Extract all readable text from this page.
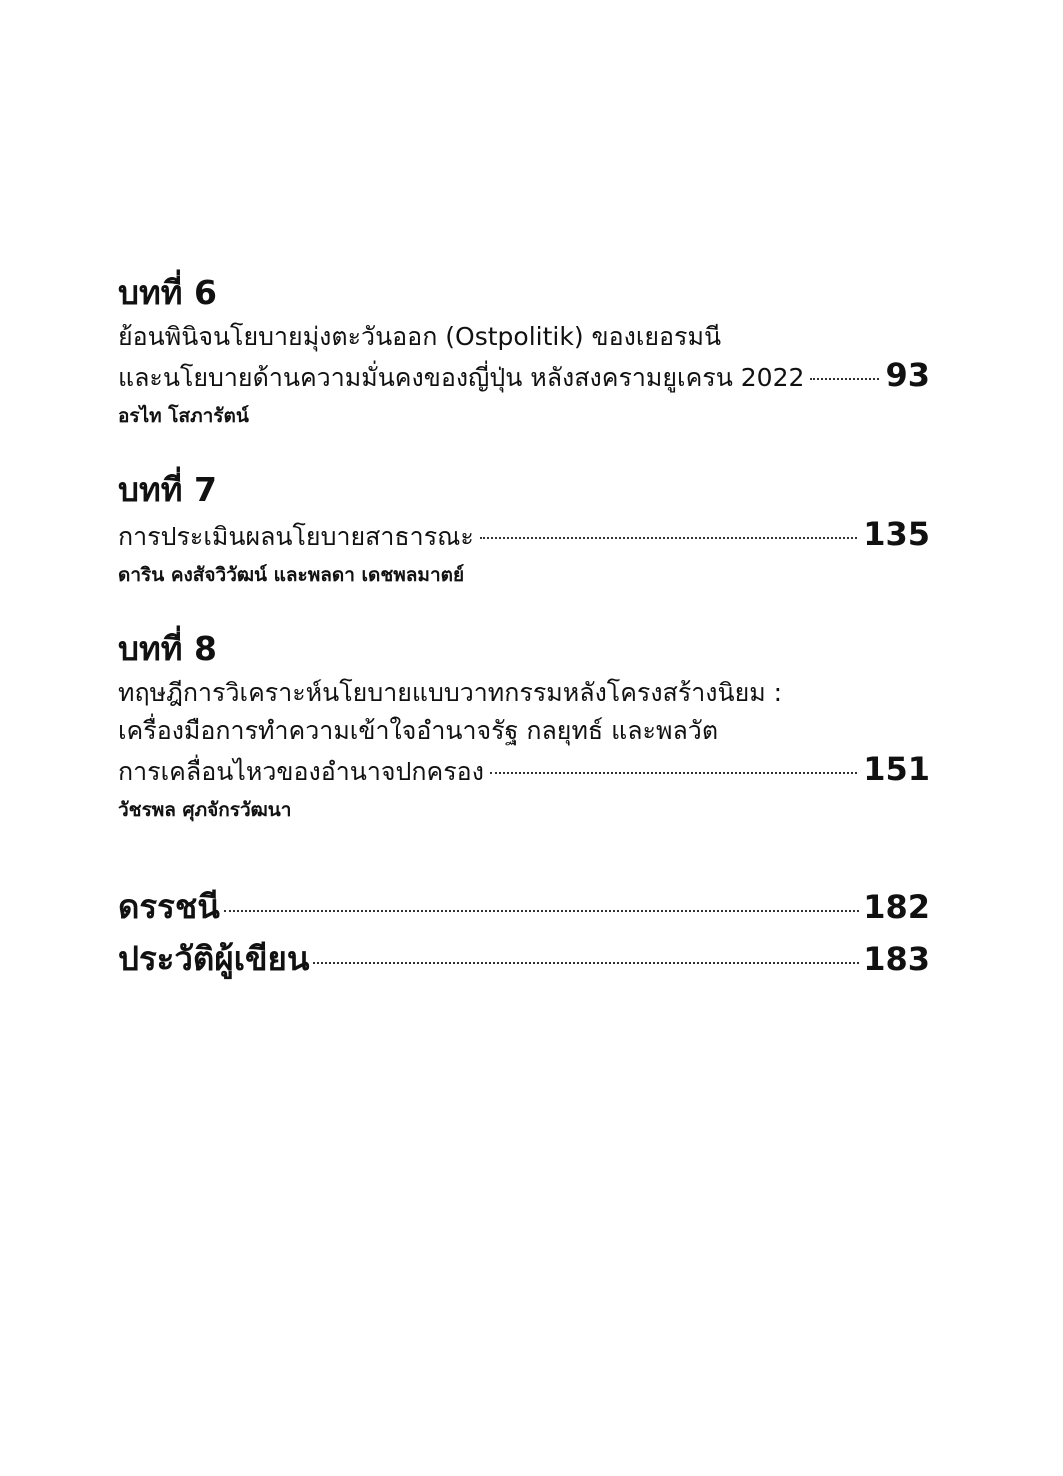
บทที่ 6
ย้อนพินิจนโยบายมุ่งตะวันออก (Ostpolitik) ของเยอรมนี
และนโยบายด้านความมั่นคงของญี่ปุ่น หลังสงครามยูเครน 2022	93
อรไท โสภารัตน์
บทที่ 7
การประเมินผลนโยบายสาธารณะ	135
ดาริน คงสัจวิวัฒน์ และพลดา เดชพลมาตย์
บทที่ 8
ทฤษฎีการวิเคราะห์นโยบายแบบวาทกรรมหลังโครงสร้างนิยม :
เครื่องมือการทำความเข้าใจอำนาจรัฐ กลยุทธ์ และพลวัต
การเคลื่อนไหวของอำนาจปกครอง	151
วัชรพล ศุภจักรวัฒนา
ดรรชนี	182
ประวัติผู้เขียน	183
